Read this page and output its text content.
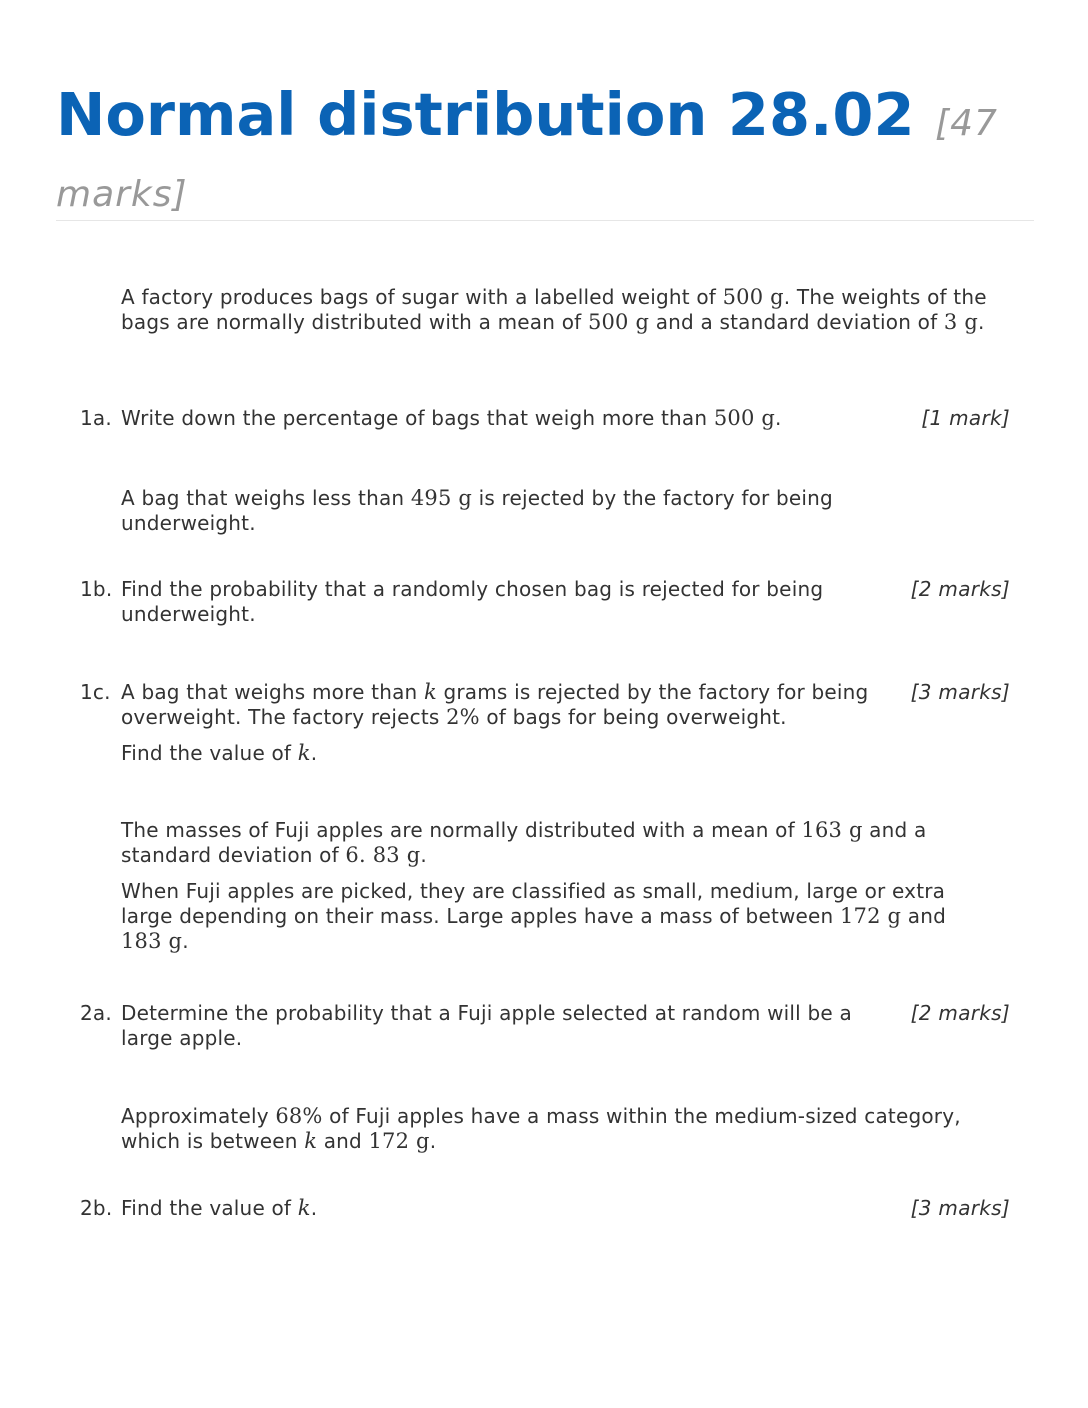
Normal distribution 28.02 [47 marks]

A factory produces bags of sugar with a labelled weight of 500 g. The weights of the bags are normally distributed with a mean of 500 g and a standard deviation of 3 g.

1a.	[1 mark]

Write down the percentage of bags that weigh more than 500 g.

A bag that weighs less than 495 g is rejected by the factory for being underweight.

1b.	[2 marks]

Find the probability that a randomly chosen bag is rejected for being underweight.

1c.	[3 marks]

A bag that weighs more than k grams is rejected by the factory for being overweight. The factory rejects 2% of bags for being overweight.

Find the value of k.

The masses of Fuji apples are normally distributed with a mean of 163 g and a standard deviation of 6. 83 g.

When Fuji apples are picked, they are classified as small, medium, large or extra large depending on their mass. Large apples have a mass of between 172 g and 183 g.

2a.	[2 marks]

Determine the probability that a Fuji apple selected at random will be a large apple.

Approximately 68% of Fuji apples have a mass within the medium-sized category, which is between k and 172 g.

2b.	[3 marks]

Find the value of k.
